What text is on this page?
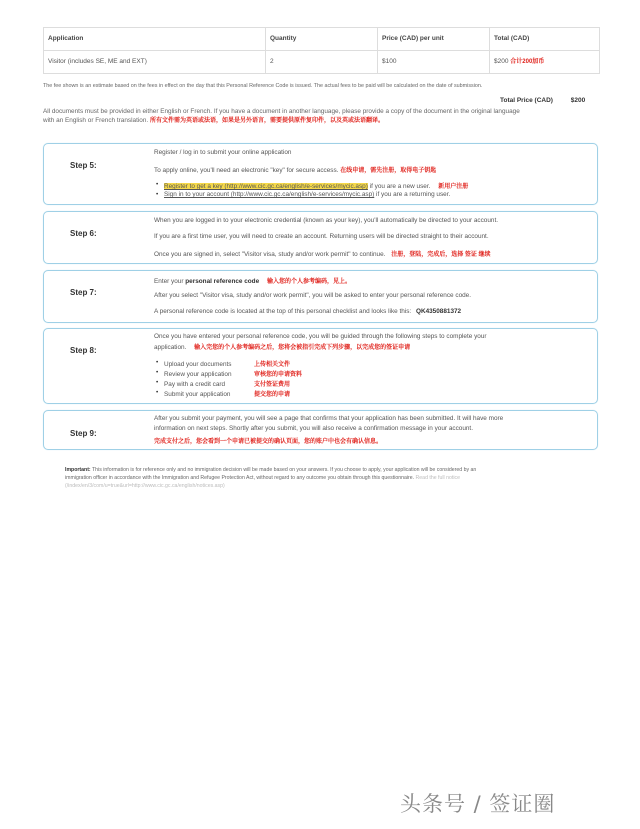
Application	Quantity	Price (CAD) per unit	Total (CAD)
Visitor (includes SE, ME and EXT)	2	$100	$200 合计200加币
The fee shown is an estimate based on the fees in effect on the day that this Personal Reference Code is issued. The actual fees to be paid will be calculated on the date of submission.
Total Price (CAD)	$200
All documents must be provided in either English or French. If you have a document in another language, please provide a copy of the document in the original language
with an English or French translation. 所有文件需为英语或法语，如果是另外语言，需要提供原件复印件，以及英或法语翻译。
Step 5:
Register / log in to submit your online application
To apply online, you'll need an electronic "key" for secure access. 在线申请，需先注册，取得电子钥匙
• Register to get a key (http://www.cic.gc.ca/english/e-services/mycic.asp) if you are a new user. 新用户注册
• Sign in to your account (http://www.cic.gc.ca/english/e-services/mycic.asp) if you are a returning user.
Step 6:
When you are logged in to your electronic credential (known as your key), you'll automatically be directed to your account.
If you are a first time user, you will need to create an account. Returning users will be directed straight to their account.
Once you are signed in, select "Visitor visa, study and/or work permit" to continue. 注册，登陆，完成后，选择 签证 继续
Step 7:
Enter your personal reference code 输入您的个人参考编码，见上。
After you select "Visitor visa, study and/or work permit", you will be asked to enter your personal reference code.
A personal reference code is located at the top of this personal checklist and looks like this: QK4350881372
Step 8:
Once you have entered your personal reference code, you will be guided through the following steps to complete your
application. 输入完您的个人参考编码之后，您将会被指引完成下列步骤，以完成您的签证申请
• Upload your documents	上传相关文件
• Review your application	审核您的申请资料
• Pay with a credit card	支付签证费用
• Submit your application	提交您的申请
Step 9:
After you submit your payment, you will see a page that confirms that your application has been submitted. It will have more
information on next steps. Shortly after you submit, you will also receive a confirmation message in your account.
完成支付之后，您会看到一个申请已被提交的确认页面，您的账户中也会有确认信息。
Important: This information is for reference only and no immigration decision will be made based on your answers. If you choose to apply, your application will be considered by an
immigration officer in accordance with the Immigration and Refugee Protection Act, without regard to any outcome you obtain through this questionnaire. Read the full notice
(/index/en/3/com/u=true&url=http://www.cic.gc.ca/english/notices.asp)
头条号 / 签证圈
